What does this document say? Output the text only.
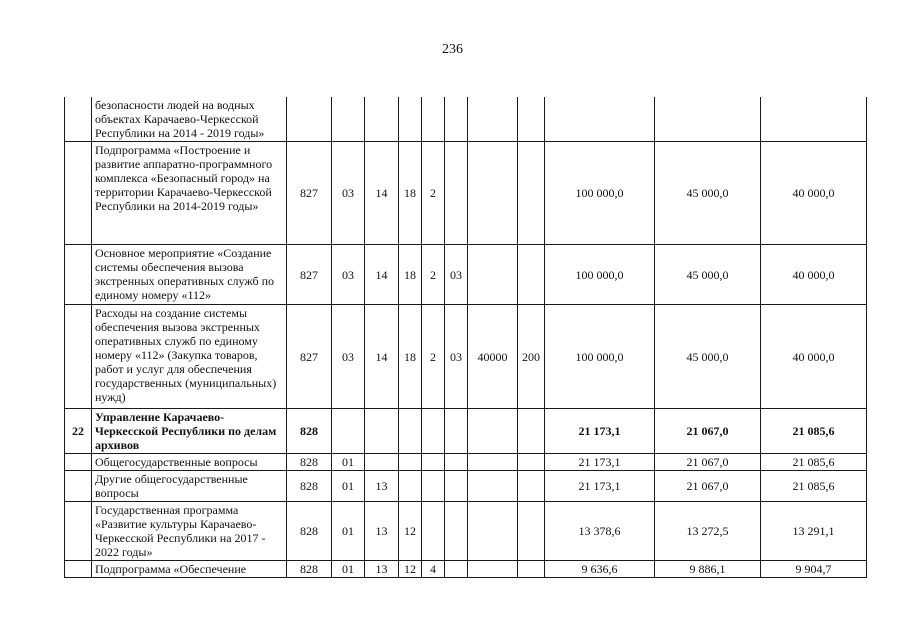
236
	безопасности людей на водных объектах Карачаево-Черкесской Республики на 2014 - 2019 годы»											
	Подпрограмма «Построение и развитие аппаратно-программного комплекса «Безопасный город» на территории Карачаево-Черкесской Республики на 2014-2019 годы»	827	03	14	18	2				100 000,0	45 000,0	40 000,0
	Основное мероприятие «Создание системы обеспечения вызова экстренных оперативных служб по единому номеру «112»	827	03	14	18	2	03			100 000,0	45 000,0	40 000,0
	Расходы на создание системы обеспечения вызова экстренных оперативных служб по единому номеру «112» (Закупка товаров, работ и услуг для обеспечения государственных (муниципальных) нужд)	827	03	14	18	2	03	40000	200	100 000,0	45 000,0	40 000,0
22	Управление Карачаево-Черкесской Республики по делам архивов	828								21 173,1	21 067,0	21 085,6
	Общегосударственные вопросы	828	01							21 173,1	21 067,0	21 085,6
	Другие общегосударственные вопросы	828	01	13						21 173,1	21 067,0	21 085,6
	Государственная программа «Развитие культуры Карачаево-Черкесской Республики на 2017 - 2022 годы»	828	01	13	12					13 378,6	13 272,5	13 291,1
	Подпрограмма «Обеспечение	828	01	13	12	4				9 636,6	9 886,1	9 904,7
